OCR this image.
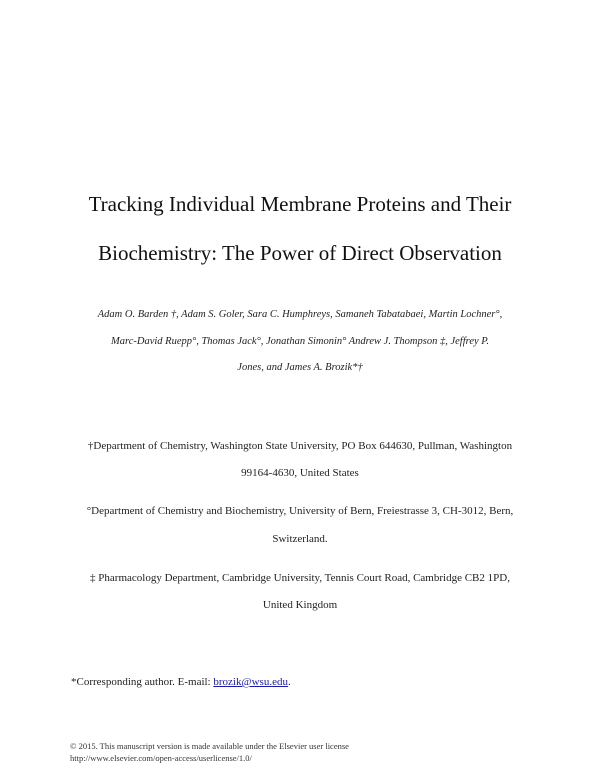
Tracking Individual Membrane Proteins and Their
Biochemistry: The Power of Direct Observation
Adam O. Barden †, Adam S. Goler, Sara C. Humphreys, Samaneh Tabatabaei, Martin Lochner°,
Marc-David Ruepp°, Thomas Jack°, Jonathan Simonin° Andrew J. Thompson ‡, Jeffrey P.
Jones, and James A. Brozik*†
†Department of Chemistry, Washington State University, PO Box 644630, Pullman, Washington
99164-4630, United States
°Department of Chemistry and Biochemistry, University of Bern, Freiestrasse 3, CH-3012, Bern,
Switzerland.
‡ Pharmacology Department, Cambridge University, Tennis Court Road, Cambridge CB2 1PD,
United Kingdom
*Corresponding author. E-mail: brozik@wsu.edu.
© 2015. This manuscript version is made available under the Elsevier user license
http://www.elsevier.com/open-access/userlicense/1.0/
